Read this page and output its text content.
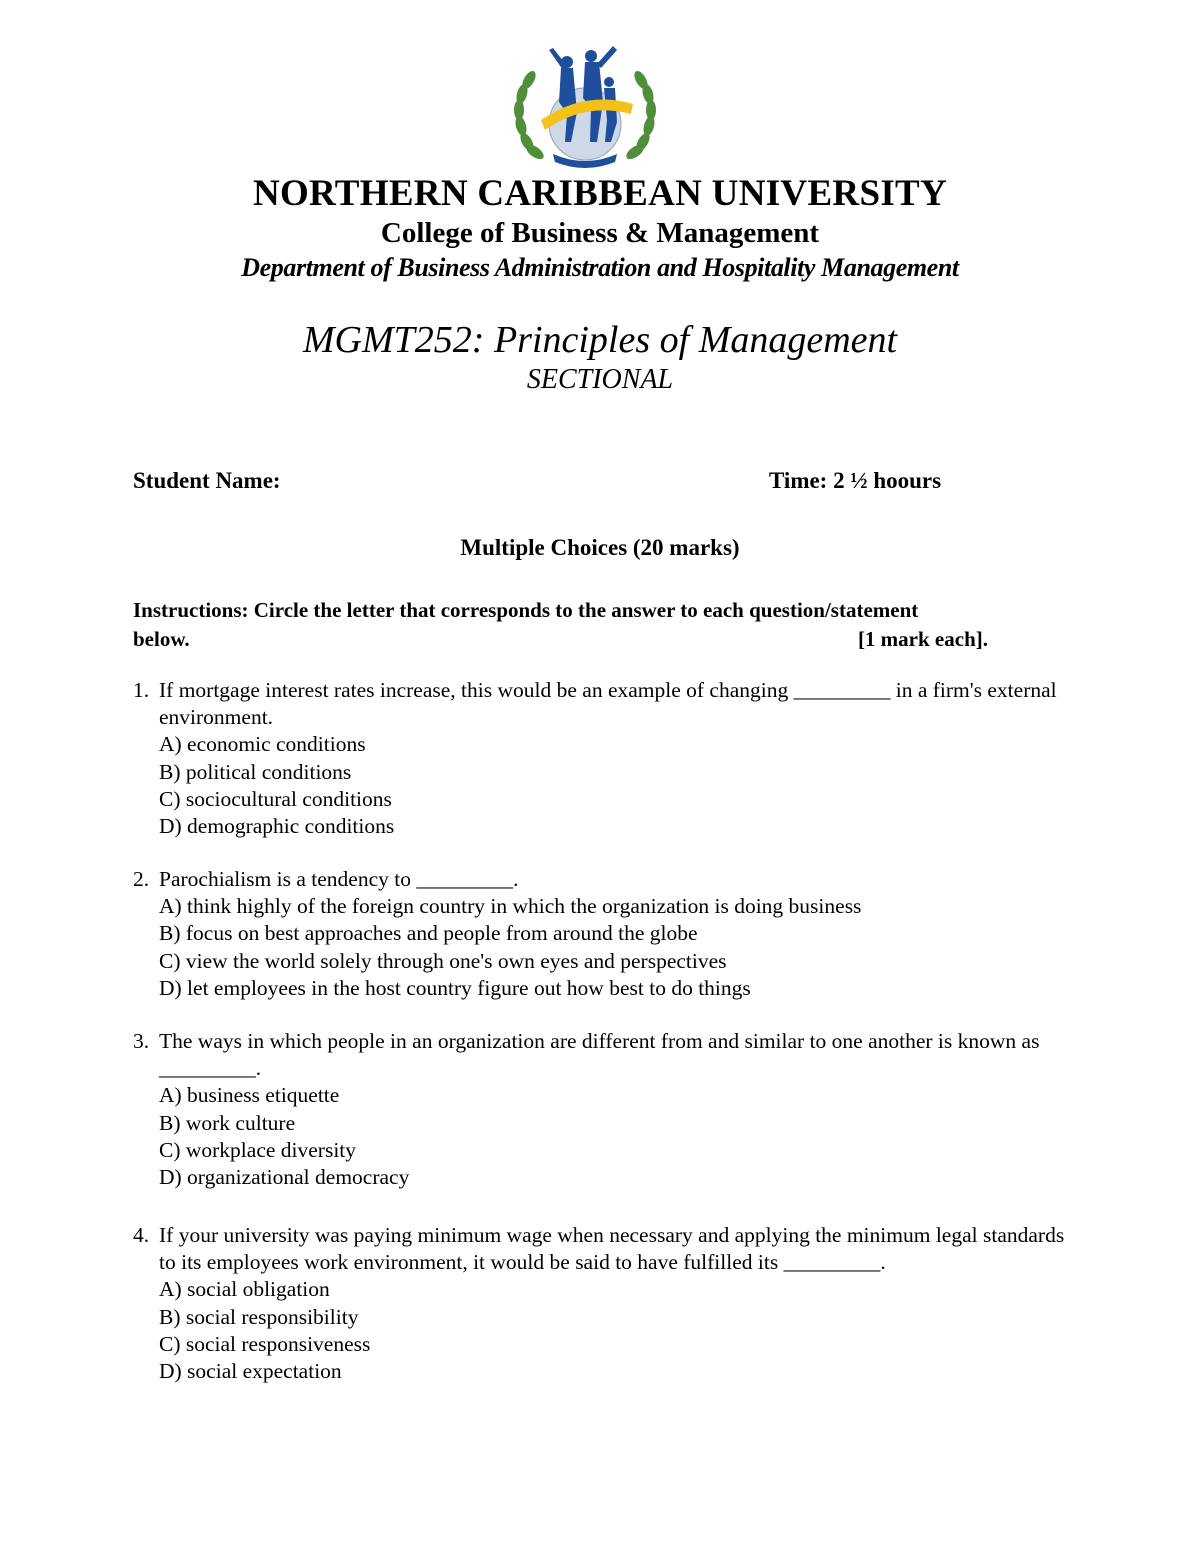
NORTHERN CARIBBEAN UNIVERSITY
College of Business & Management
Department of Business Administration and Hospitality Management
MGMT252: Principles of Management
SECTIONAL
Student Name:	Time: 2 ½ hoours
Multiple Choices (20 marks)
Instructions: Circle the letter that corresponds to the answer to each question/statement
below.	[1 mark each].
1. If mortgage interest rates increase, this would be an example of changing _________ in a firm's external environment.
A) economic conditions
B) political conditions
C) sociocultural conditions
D) demographic conditions
2. Parochialism is a tendency to _________.
A) think highly of the foreign country in which the organization is doing business
B) focus on best approaches and people from around the globe
C) view the world solely through one's own eyes and perspectives
D) let employees in the host country figure out how best to do things
3. The ways in which people in an organization are different from and similar to one another is known as _________.
A) business etiquette
B) work culture
C) workplace diversity
D) organizational democracy
4. If your university was paying minimum wage when necessary and applying the minimum legal standards to its employees work environment, it would be said to have fulfilled its _________.
A) social obligation
B) social responsibility
C) social responsiveness
D) social expectation
